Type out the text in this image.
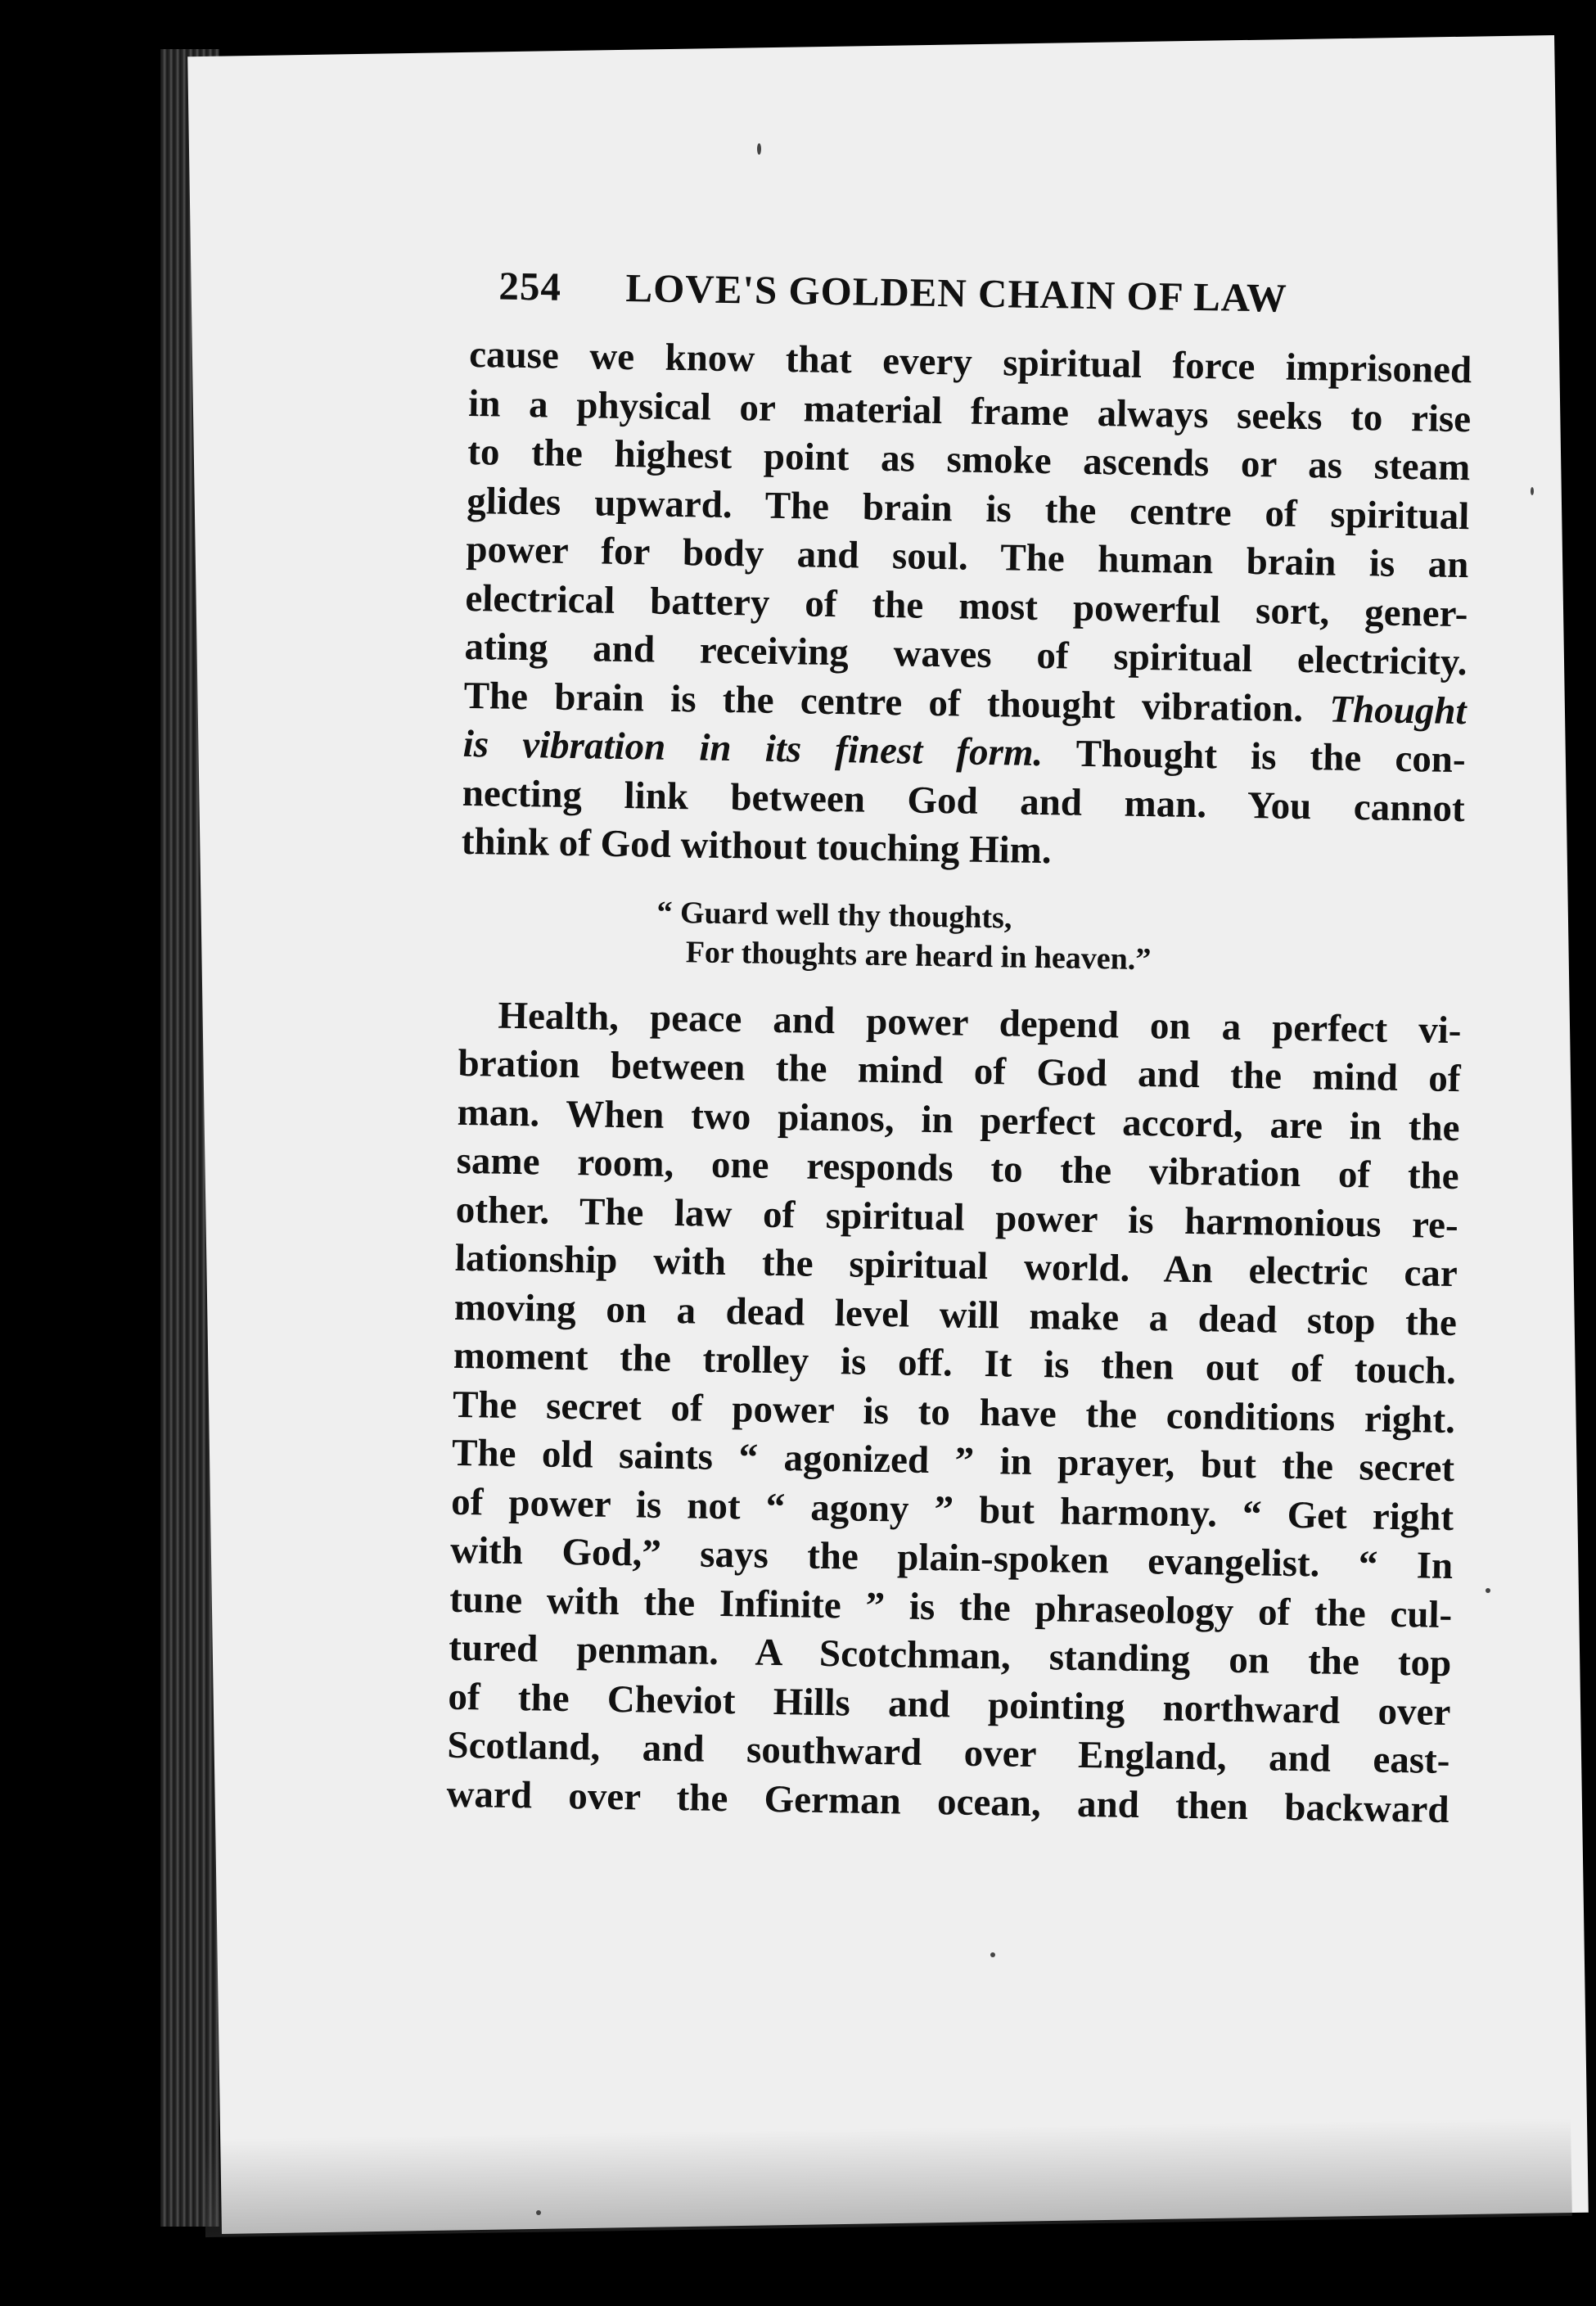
254 LOVE'S GOLDEN CHAIN OF LAW

cause we know that every spiritual force imprisoned
in a physical or material frame always seeks to rise
to the highest point as smoke ascends or as steam
glides upward. The brain is the centre of spiritual
power for body and soul. The human brain is an
electrical battery of the most powerful sort, gener-
ating and receiving waves of spiritual electricity.
The brain is the centre of thought vibration. Thought
is vibration in its finest form. Thought is the con-
necting link between God and man. You cannot
think of God without touching Him.

“ Guard well thy thoughts,
For thoughts are heard in heaven.”

Health, peace and power depend on a perfect vi-
bration between the mind of God and the mind of
man. When two pianos, in perfect accord, are in the
same room, one responds to the vibration of the
other. The law of spiritual power is harmonious re-
lationship with the spiritual world. An electric car
moving on a dead level will make a dead stop the
moment the trolley is off. It is then out of touch.
The secret of power is to have the conditions right.
The old saints “ agonized ” in prayer, but the secret
of power is not “ agony ” but harmony. “ Get right
with God,” says the plain-spoken evangelist. “ In
tune with the Infinite ” is the phraseology of the cul-
tured penman. A Scotchman, standing on the top
of the Cheviot Hills and pointing northward over
Scotland, and southward over England, and east-
ward over the German ocean, and then backward
